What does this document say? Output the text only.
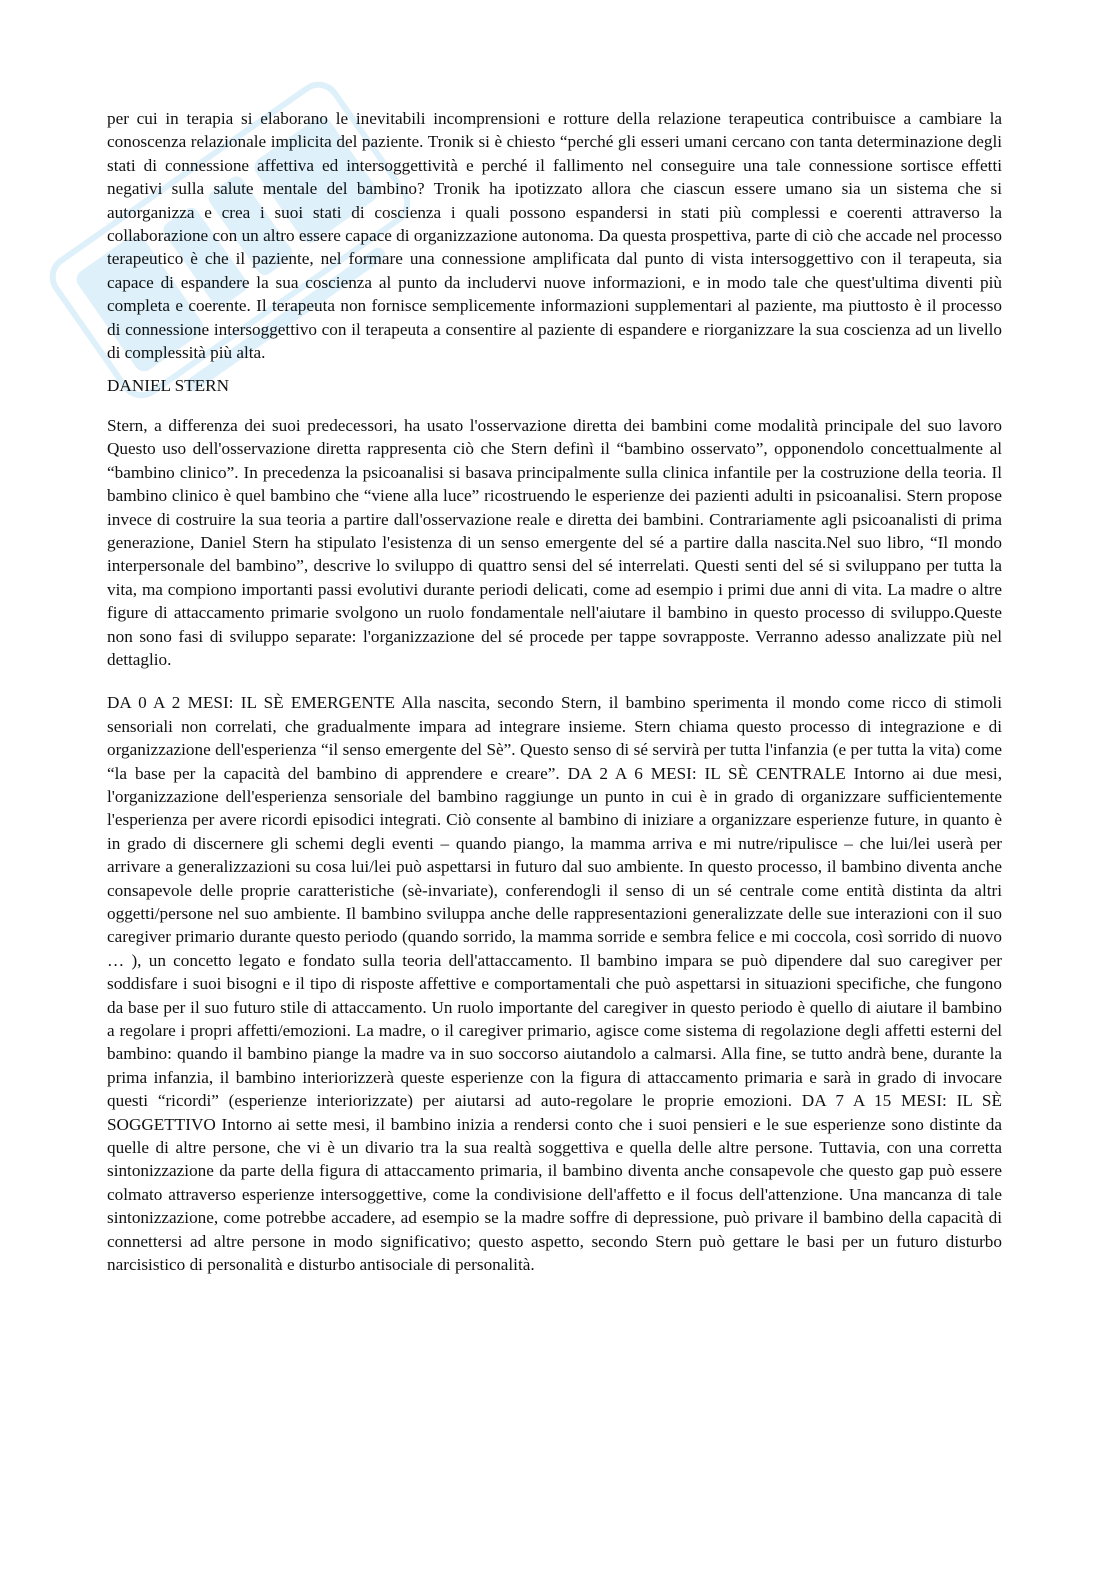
per cui in terapia si elaborano le inevitabili incomprensioni e rotture della relazione terapeutica contribuisce a cambiare la conoscenza relazionale implicita del paziente. Tronik si è chiesto “perché gli esseri umani cercano con tanta determinazione degli stati di connessione affettiva ed intersoggettività e perché il fallimento nel conseguire una tale connessione sortisce effetti negativi sulla salute mentale del bambino? Tronik ha ipotizzato allora che ciascun essere umano sia un sistema che si autorganizza e crea i suoi stati di coscienza i quali possono espandersi in stati più complessi e coerenti attraverso la collaborazione con un altro essere capace di organizzazione autonoma. Da questa prospettiva, parte di ciò che accade nel processo terapeutico è che il paziente, nel formare una connessione amplificata dal punto di vista intersoggettivo con il terapeuta, sia capace di espandere la sua coscienza al punto da includervi nuove informazioni, e in modo tale che quest'ultima diventi più completa e coerente. Il terapeuta non fornisce semplicemente informazioni supplementari al paziente, ma piuttosto è il processo di connessione intersoggettivo con il terapeuta a consentire al paziente di espandere e riorganizzare la sua coscienza ad un livello di complessità più alta.

DANIEL STERN

Stern, a differenza dei suoi predecessori, ha usato l'osservazione diretta dei bambini come modalità principale del suo lavoro Questo uso dell'osservazione diretta rappresenta ciò che Stern definì il “bambino osservato”, opponendolo concettualmente al “bambino clinico”. In precedenza la psicoanalisi si basava principalmente sulla clinica infantile per la costruzione della teoria. Il bambino clinico è quel bambino che “viene alla luce” ricostruendo le esperienze dei pazienti adulti in psicoanalisi. Stern propose invece di costruire la sua teoria a partire dall'osservazione reale e diretta dei bambini. Contrariamente agli psicoanalisti di prima generazione, Daniel Stern ha stipulato l'esistenza di un senso emergente del sé a partire dalla nascita.Nel suo libro, “Il mondo interpersonale del bambino”, descrive lo sviluppo di quattro sensi del sé interrelati. Questi senti del sé si sviluppano per tutta la vita, ma compiono importanti passi evolutivi durante periodi delicati, come ad esempio i primi due anni di vita. La madre o altre figure di attaccamento primarie svolgono un ruolo fondamentale nell'aiutare il bambino in questo processo di sviluppo.Queste non sono fasi di sviluppo separate: l'organizzazione del sé procede per tappe sovrapposte. Verranno adesso analizzate più nel dettaglio.

DA 0 A 2 MESI: IL SÈ EMERGENTE Alla nascita, secondo Stern, il bambino sperimenta il mondo come ricco di stimoli sensoriali non correlati, che gradualmente impara ad integrare insieme. Stern chiama questo processo di integrazione e di organizzazione dell'esperienza “il senso emergente del Sè”. Questo senso di sé servirà per tutta l'infanzia (e per tutta la vita) come “la base per la capacità del bambino di apprendere e creare”. DA 2 A 6 MESI: IL SÈ CENTRALE Intorno ai due mesi, l'organizzazione dell'esperienza sensoriale del bambino raggiunge un punto in cui è in grado di organizzare sufficientemente l'esperienza per avere ricordi episodici integrati. Ciò consente al bambino di iniziare a organizzare esperienze future, in quanto è in grado di discernere gli schemi degli eventi – quando piango, la mamma arriva e mi nutre/ripulisce – che lui/lei userà per arrivare a generalizzazioni su cosa lui/lei può aspettarsi in futuro dal suo ambiente. In questo processo, il bambino diventa anche consapevole delle proprie caratteristiche (sè-invariate), conferendogli il senso di un sé centrale come entità distinta da altri oggetti/persone nel suo ambiente. Il bambino sviluppa anche delle rappresentazioni generalizzate delle sue interazioni con il suo caregiver primario durante questo periodo (quando sorrido, la mamma sorride e sembra felice e mi coccola, così sorrido di nuovo … ), un concetto legato e fondato sulla teoria dell'attaccamento. Il bambino impara se può dipendere dal suo caregiver per soddisfare i suoi bisogni e il tipo di risposte affettive e comportamentali che può aspettarsi in situazioni specifiche, che fungono da base per il suo futuro stile di attaccamento. Un ruolo importante del caregiver in questo periodo è quello di aiutare il bambino a regolare i propri affetti/emozioni. La madre, o il caregiver primario, agisce come sistema di regolazione degli affetti esterni del bambino: quando il bambino piange la madre va in suo soccorso aiutandolo a calmarsi. Alla fine, se tutto andrà bene, durante la prima infanzia, il bambino interiorizzerà queste esperienze con la figura di attaccamento primaria e sarà in grado di invocare questi “ricordi” (esperienze interiorizzate) per aiutarsi ad auto-regolare le proprie emozioni. DA 7 A 15 MESI: IL SÈ SOGGETTIVO Intorno ai sette mesi, il bambino inizia a rendersi conto che i suoi pensieri e le sue esperienze sono distinte da quelle di altre persone, che vi è un divario tra la sua realtà soggettiva e quella delle altre persone. Tuttavia, con una corretta sintonizzazione da parte della figura di attaccamento primaria, il bambino diventa anche consapevole che questo gap può essere colmato attraverso esperienze intersoggettive, come la condivisione dell'affetto e il focus dell'attenzione. Una mancanza di tale sintonizzazione, come potrebbe accadere, ad esempio se la madre soffre di depressione, può privare il bambino della capacità di connettersi ad altre persone in modo significativo; questo aspetto, secondo Stern può gettare le basi per un futuro disturbo narcisistico di personalità e disturbo antisociale di personalità.
